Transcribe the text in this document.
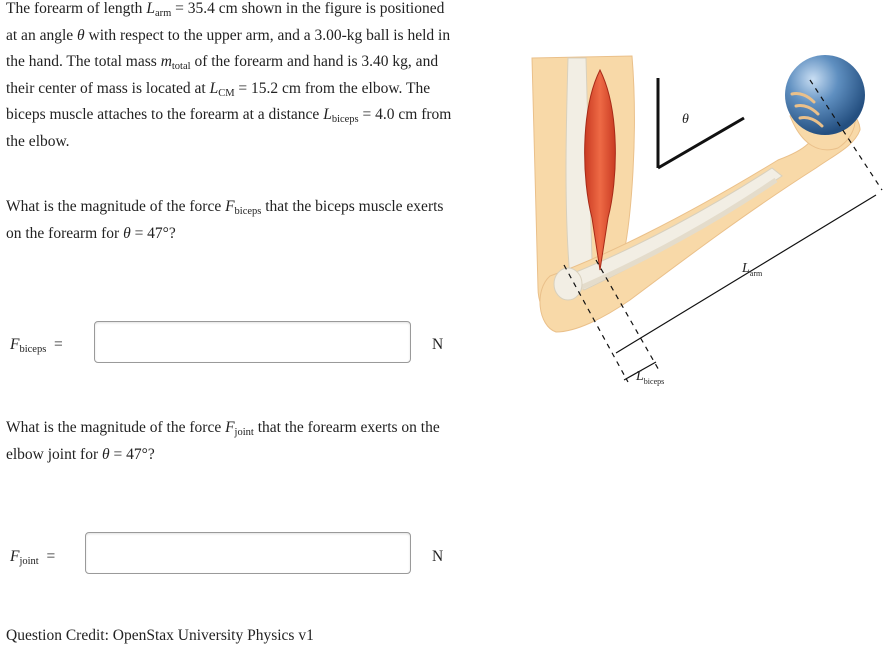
The forearm of length $L_{arm} = 35.4$ cm shown in the figure is positioned at an angle θ with respect to the upper arm, and a 3.00-kg ball is held in the hand. The total mass $m_{total}$ of the forearm and hand is 3.40 kg, and their center of mass is located at $L_{CM} = 15.2$ cm from the elbow. The biceps muscle attaches to the forearm at a distance $L_{biceps} = 4.0$ cm from the elbow.
What is the magnitude of the force $F_{biceps}$ that the biceps muscle exerts on the forearm for θ = 47°?
$F_{biceps}$ =	N
What is the magnitude of the force $F_{joint}$ that the forearm exerts on the elbow joint for θ = 47°?
$F_{joint}$ =	N
θ
$L_{arm}$
$L_{biceps}$
Question Credit: OpenStax University Physics v1
